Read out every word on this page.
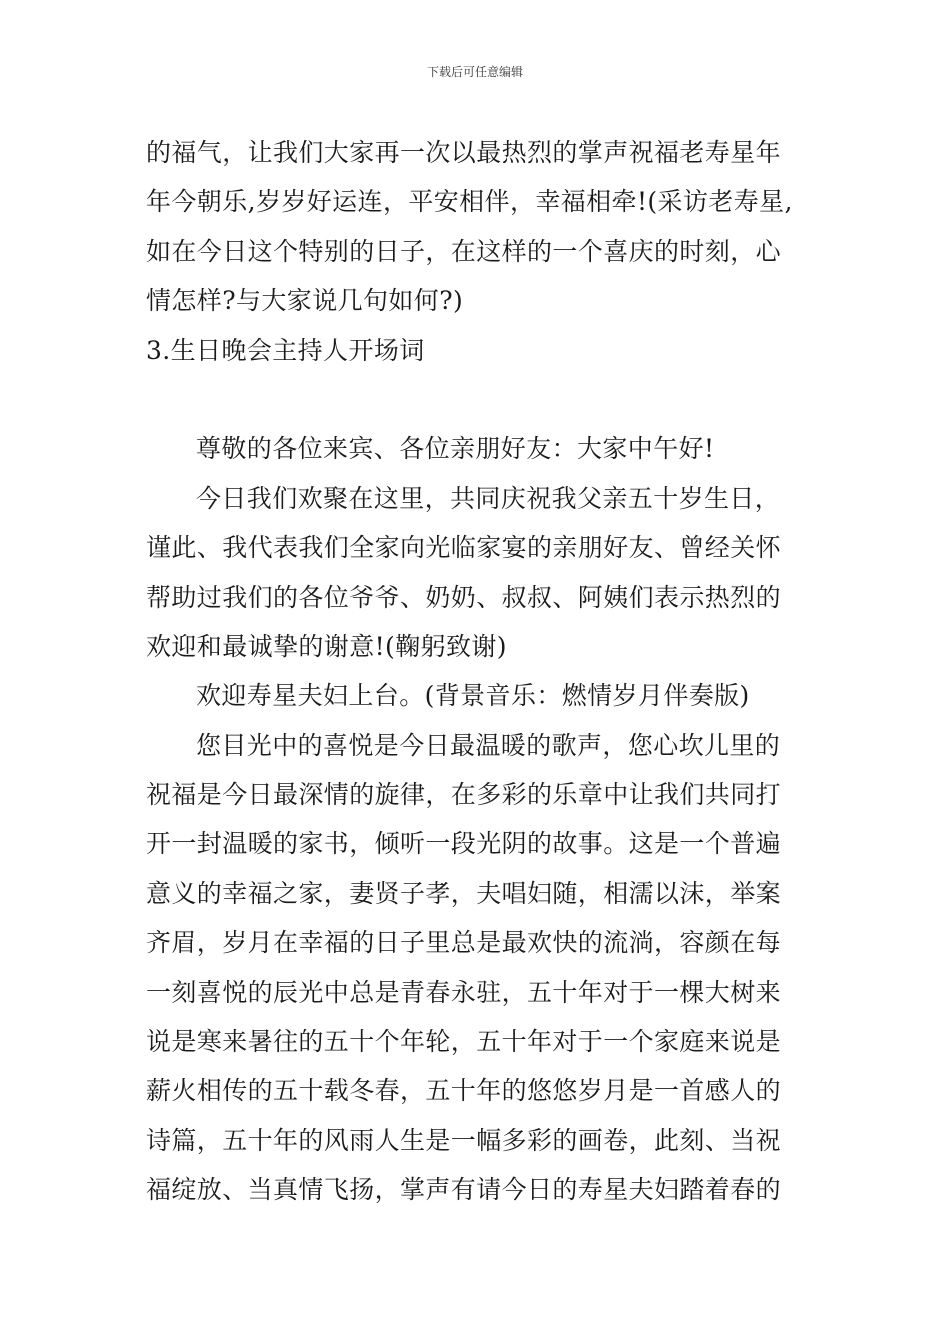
下载后可任意编辑
的福气，让我们大家再一次以最热烈的掌声祝福老寿星年
年今朝乐,岁岁好运连，平安相伴，幸福相牵!(采访老寿星,
如在今日这个特别的日子，在这样的一个喜庆的时刻，心
情怎样?与大家说几句如何?)
3.生日晚会主持人开场词
尊敬的各位来宾、各位亲朋好友：大家中午好!
今日我们欢聚在这里，共同庆祝我父亲五十岁生日，
谨此、我代表我们全家向光临家宴的亲朋好友、曾经关怀
帮助过我们的各位爷爷、奶奶、叔叔、阿姨们表示热烈的
欢迎和最诚挚的谢意!(鞠躬致谢)
欢迎寿星夫妇上台。(背景音乐：燃情岁月伴奏版)
您目光中的喜悦是今日最温暖的歌声，您心坎儿里的
祝福是今日最深情的旋律，在多彩的乐章中让我们共同打
开一封温暖的家书，倾听一段光阴的故事。这是一个普遍
意义的幸福之家，妻贤子孝，夫唱妇随，相濡以沫，举案
齐眉，岁月在幸福的日子里总是最欢快的流淌，容颜在每
一刻喜悦的辰光中总是青春永驻，五十年对于一棵大树来
说是寒来暑往的五十个年轮，五十年对于一个家庭来说是
薪火相传的五十载冬春，五十年的悠悠岁月是一首感人的
诗篇，五十年的风雨人生是一幅多彩的画卷，此刻、当祝
福绽放、当真情飞扬，掌声有请今日的寿星夫妇踏着春的
